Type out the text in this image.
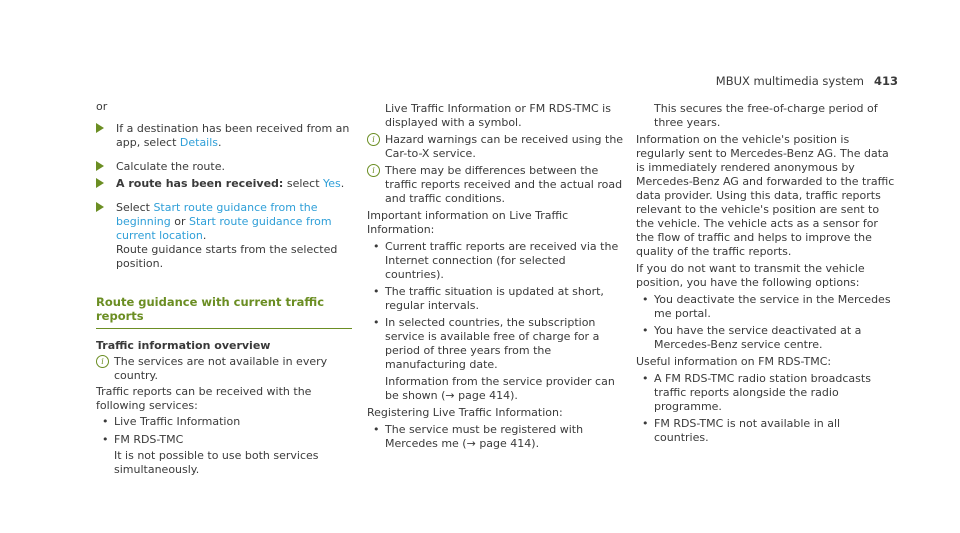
MBUX multimedia system 413

or

If a destination has been received from an app, select Details.
Calculate the route.
A route has been received: select Yes.
Select Start route guidance from the beginning or Start route guidance from current location.

Route guidance starts from the selected position.

Route guidance with current traffic reports

Traffic information overview

i The services are not available in every country.

Traffic reports can be received with the following services:

• Live Traffic Information
• FM RDS-TMC

It is not possible to use both services simultaneously.

Live Traffic Information or FM RDS-TMC is displayed with a symbol.

i Hazard warnings can be received using the Car-to-X service.
i There may be differences between the traffic reports received and the actual road and traffic conditions.

Important information on Live Traffic Information:

• Current traffic reports are received via the Internet connection (for selected countries).
• The traffic situation is updated at short, regular intervals.
• In selected countries, the subscription service is available free of charge for a period of three years from the manufacturing date.

Information from the service provider can be shown (→ page 414).

Registering Live Traffic Information:

• The service must be registered with Mercedes me (→ page 414).

This secures the free-of-charge period of three years.

Information on the vehicle's position is regularly sent to Mercedes-Benz AG. The data is immediately rendered anonymous by Mercedes-Benz AG and forwarded to the traffic data provider. Using this data, traffic reports relevant to the vehicle's position are sent to the vehicle. The vehicle acts as a sensor for the flow of traffic and helps to improve the quality of the traffic reports.

If you do not want to transmit the vehicle position, you have the following options:

• You deactivate the service in the Mercedes me portal.
• You have the service deactivated at a Mercedes-Benz service centre.

Useful information on FM RDS-TMC:

• A FM RDS-TMC radio station broadcasts traffic reports alongside the radio programme.
• FM RDS-TMC is not available in all countries.
